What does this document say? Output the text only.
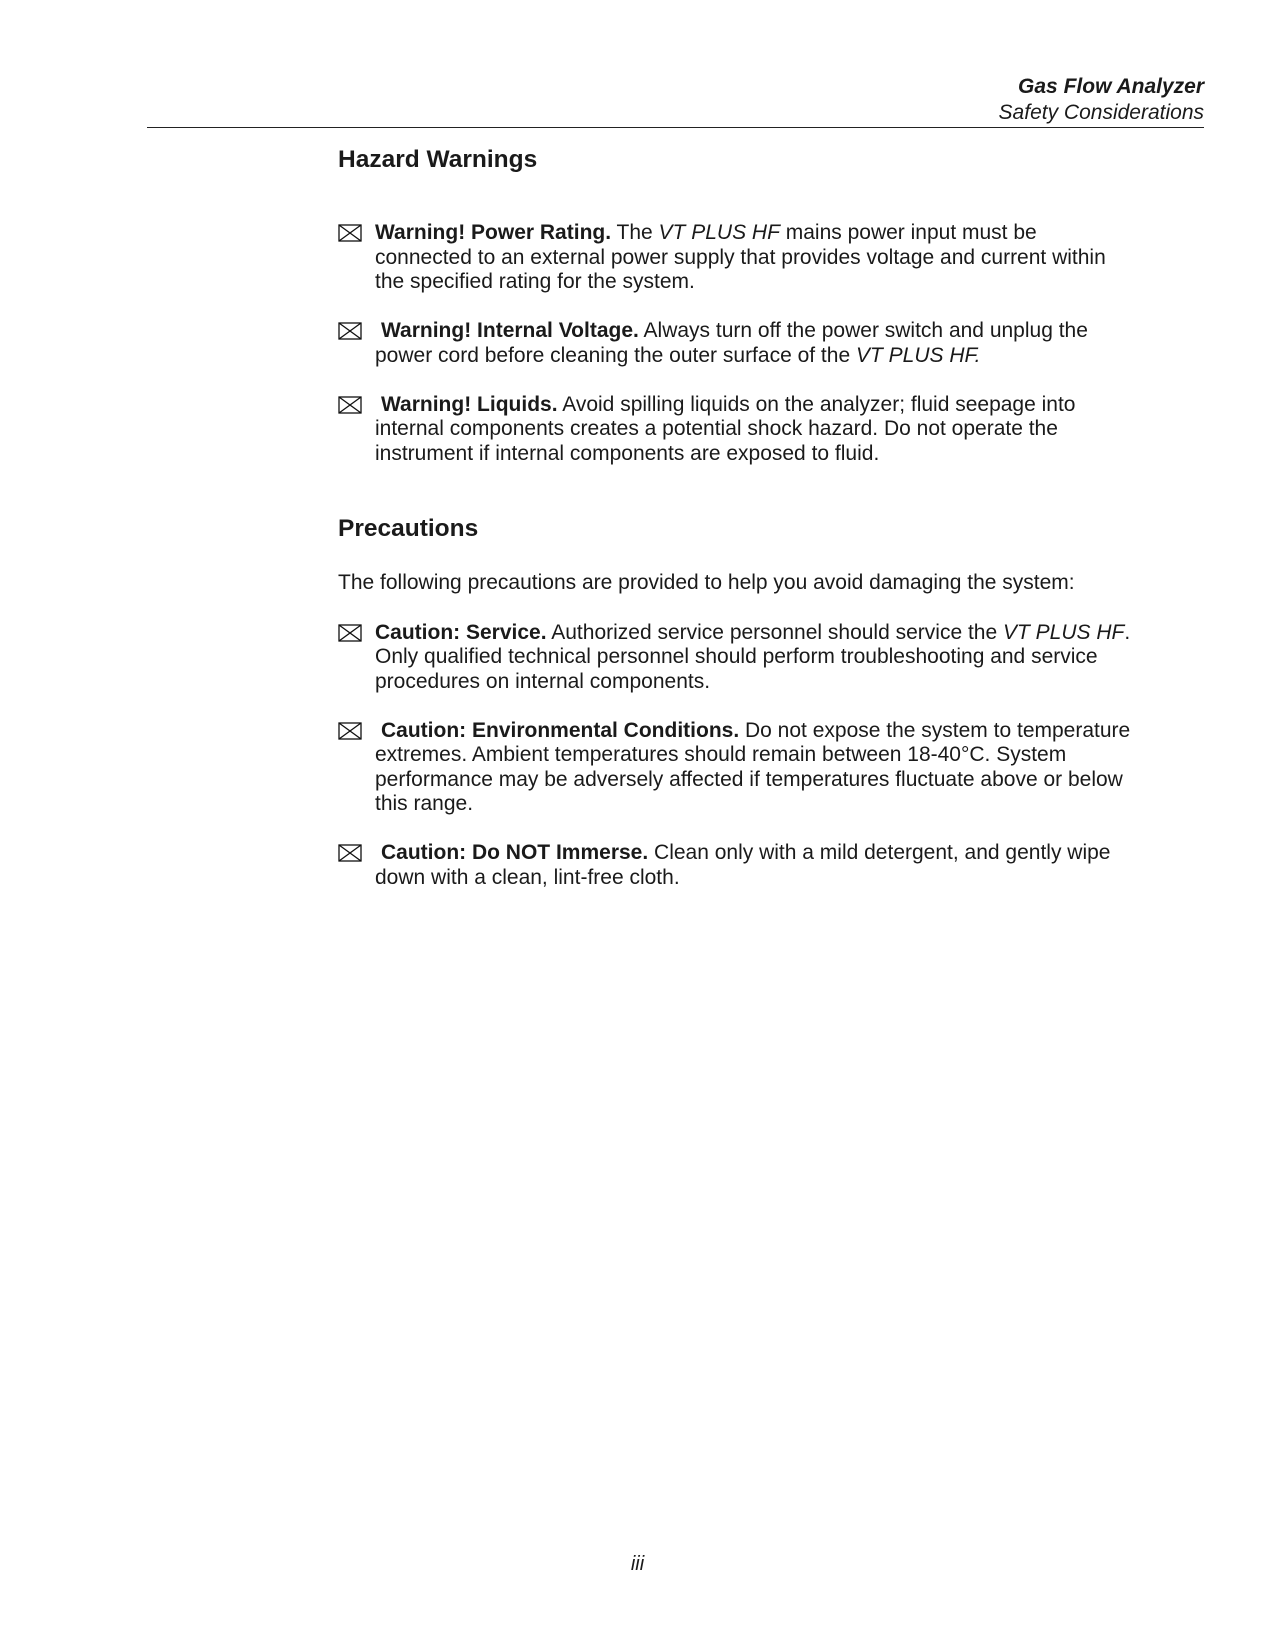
Gas Flow Analyzer
Safety Considerations
Hazard Warnings

Warning! Power Rating. The VT PLUS HF mains power input must be connected to an external power supply that provides voltage and current within the specified rating for the system.

Warning! Internal Voltage. Always turn off the power switch and unplug the power cord before cleaning the outer surface of the VT PLUS HF.

Warning! Liquids. Avoid spilling liquids on the analyzer; fluid seepage into internal components creates a potential shock hazard. Do not operate the instrument if internal components are exposed to fluid.

Precautions

The following precautions are provided to help you avoid damaging the system:

Caution: Service. Authorized service personnel should service the VT PLUS HF. Only qualified technical personnel should perform troubleshooting and service procedures on internal components.

Caution: Environmental Conditions. Do not expose the system to temperature extremes. Ambient temperatures should remain between 18-40°C. System performance may be adversely affected if temperatures fluctuate above or below this range.

Caution: Do NOT Immerse. Clean only with a mild detergent, and gently wipe down with a clean, lint-free cloth.

iii
